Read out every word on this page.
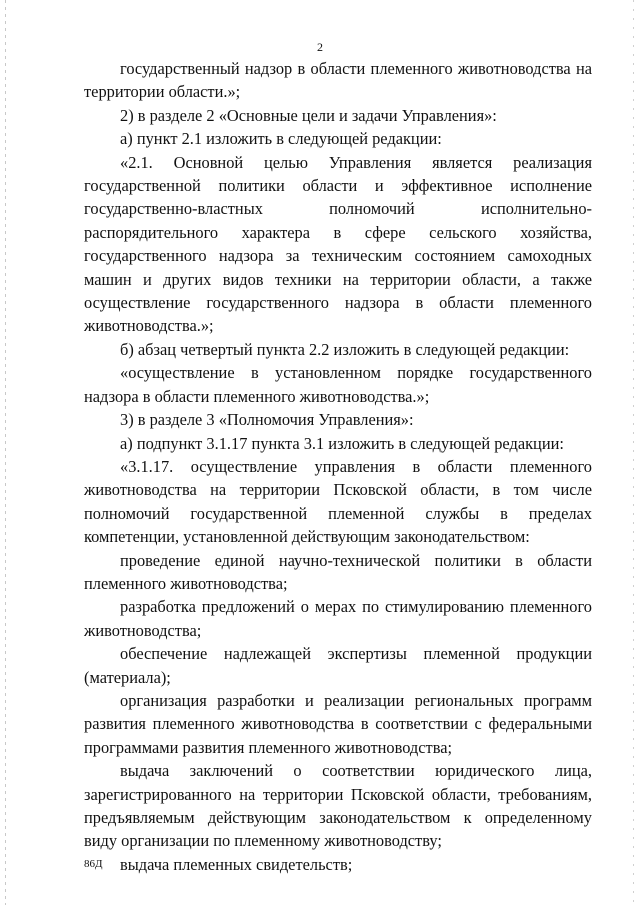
2

государственный надзор в области племенного животноводства на территории области.»;

2) в разделе 2 «Основные цели и задачи Управления»:

а) пункт 2.1 изложить в следующей редакции:

«2.1. Основной целью Управления является реализация государственной политики области и эффективное исполнение государственно-властных полномочий исполнительно-распорядительного характера в сфере сельского хозяйства, государственного надзора за техническим состоянием самоходных машин и других видов техники на территории области, а также осуществление государственного надзора в области племенного животноводства.»;

б) абзац четвертый пункта 2.2 изложить в следующей редакции:

«осуществление в установленном порядке государственного надзора в области племенного животноводства.»;

3) в разделе 3 «Полномочия Управления»:

а) подпункт 3.1.17 пункта 3.1 изложить в следующей редакции:

«3.1.17. осуществление управления в области племенного животноводства на территории Псковской области, в том числе полномочий государственной племенной службы в пределах компетенции, установленной действующим законодательством:

проведение единой научно-технической политики в области племенного животноводства;

разработка предложений о мерах по стимулированию племенного животноводства;

обеспечение надлежащей экспертизы племенной продукции (материала);

организация разработки и реализации региональных программ развития племенного животноводства в соответствии с федеральными программами развития племенного животноводства;

выдача заключений о соответствии юридического лица, зарегистрированного на территории Псковской области, требованиям, предъявляемым действующим законодательством к определенному виду организации по племенному животноводству;

выдача племенных свидетельств;

86Д
